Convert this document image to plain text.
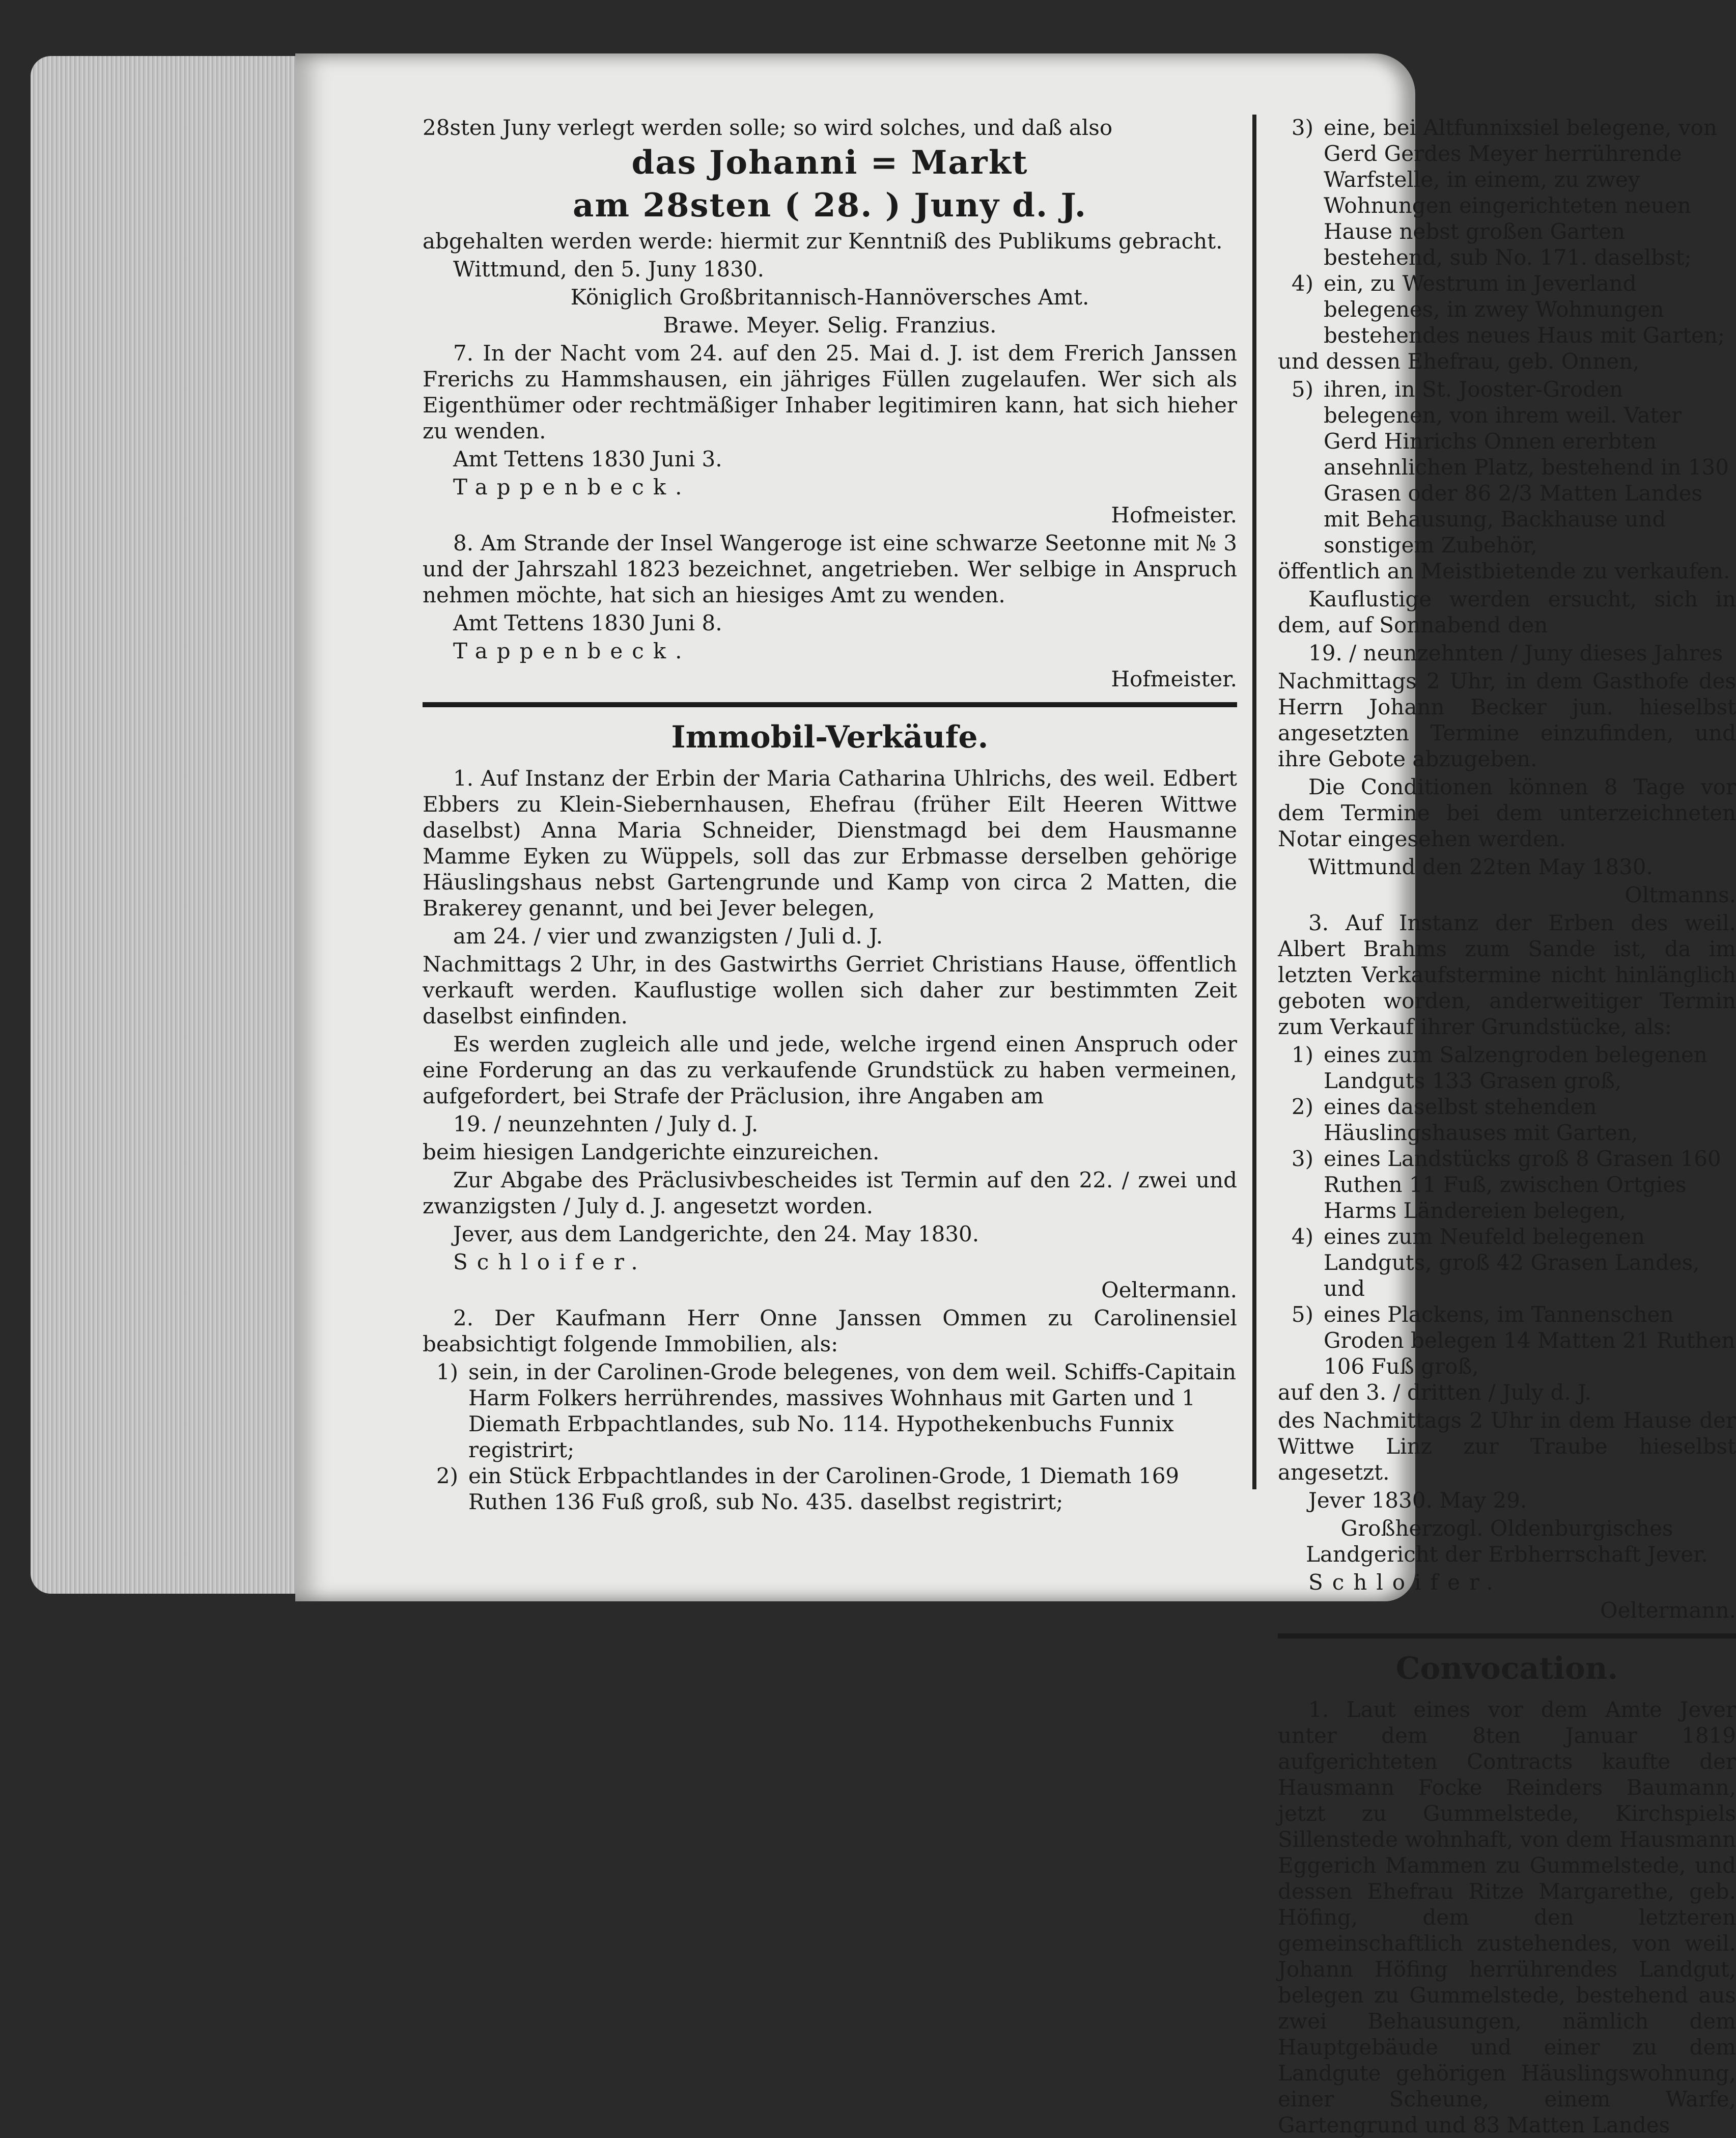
28sten Juny verlegt werden solle; so wird solches, und daß also

das Johanni = Markt

am 28sten ( 28. ) Juny d. J.

abgehalten werden werde: hiermit zur Kenntniß des Publikums gebracht.

Wittmund, den 5. Juny 1830.

Königlich Großbritannisch-Hannöversches Amt.

Brawe. Meyer. Selig. Franzius.

7. In der Nacht vom 24. auf den 25. Mai d. J. ist dem Frerich Janssen Frerichs zu Hammshausen, ein jähriges Füllen zugelaufen. Wer sich als Eigenthümer oder rechtmäßiger Inhaber legitimiren kann, hat sich hieher zu wenden.

Amt Tettens 1830 Juni 3.

Tappenbeck.

Hofmeister.

8. Am Strande der Insel Wangeroge ist eine schwarze Seetonne mit № 3 und der Jahrszahl 1823 bezeichnet, angetrieben. Wer selbige in Anspruch nehmen möchte, hat sich an hiesiges Amt zu wenden.

Amt Tettens 1830 Juni 8.

Tappenbeck.

Hofmeister.

Immobil-Verkäufe.

1. Auf Instanz der Erbin der Maria Catharina Uhlrichs, des weil. Edbert Ebbers zu Klein-Siebernhausen, Ehefrau (früher Eilt Heeren Wittwe daselbst) Anna Maria Schneider, Dienstmagd bei dem Hausmanne Mamme Eyken zu Wüppels, soll das zur Erbmasse derselben gehörige Häuslingshaus nebst Gartengrunde und Kamp von circa 2 Matten, die Brakerey genannt, und bei Jever belegen,

am 24. / vier und zwanzigsten / Juli d. J.

Nachmittags 2 Uhr, in des Gastwirths Gerriet Christians Hause, öffentlich verkauft werden. Kauflustige wollen sich daher zur bestimmten Zeit daselbst einfinden.

Es werden zugleich alle und jede, welche irgend einen Anspruch oder eine Forderung an das zu verkaufende Grundstück zu haben vermeinen, aufgefordert, bei Strafe der Präclusion, ihre Angaben am

19. / neunzehnten / July d. J.

beim hiesigen Landgerichte einzureichen.

Zur Abgabe des Präclusivbescheides ist Termin auf den 22. / zwei und zwanzigsten / July d. J. angesetzt worden.

Jever, aus dem Landgerichte, den 24. May 1830.

Schloifer.

Oeltermann.

2. Der Kaufmann Herr Onne Janssen Ommen zu Carolinensiel beabsichtigt folgende Immobilien, als:

1) sein, in der Carolinen-Grode belegenes, von dem weil. Schiffs-Capitain Harm Folkers herrührendes, massives Wohnhaus mit Garten und 1 Diemath Erbpachtlandes, sub No. 114. Hypothekenbuchs Funnix registrirt;
2) ein Stück Erbpachtlandes in der Carolinen-Grode, 1 Diemath 169 Ruthen 136 Fuß groß, sub No. 435. daselbst registrirt;
3) eine, bei Altfunnixsiel belegene, von Gerd Gerdes Meyer herrührende Warfstelle, in einem, zu zwey Wohnungen eingerichteten neuen Hause nebst großen Garten bestehend, sub No. 171. daselbst;
4) ein, zu Westrum in Jeverland belegenes, in zwey Wohnungen bestehendes neues Haus mit Garten;

und dessen Ehefrau, geb. Onnen,

5) ihren, in St. Jooster-Groden belegenen, von ihrem weil. Vater Gerd Hinrichs Onnen ererbten ansehnlichen Platz, bestehend in 130 Grasen oder 86 2/3 Matten Landes mit Behausung, Backhause und sonstigem Zubehör,

öffentlich an Meistbietende zu verkaufen.

Kauflustige werden ersucht, sich in dem, auf Sonnabend den

19. / neunzehnten / Juny dieses Jahres

Nachmittags 2 Uhr, in dem Gasthofe des Herrn Johann Becker jun. hieselbst angesetzten Termine einzufinden, und ihre Gebote abzugeben.

Die Conditionen können 8 Tage vor dem Termine bei dem unterzeichneten Notar eingesehen werden.

Wittmund den 22ten May 1830.

Oltmanns.

3. Auf Instanz der Erben des weil. Albert Brahms zum Sande ist, da im letzten Verkaufstermine nicht hinlänglich geboten worden, anderweitiger Termin zum Verkauf ihrer Grundstücke, als:

1) eines zum Salzengroden belegenen Landguts 133 Grasen groß,
2) eines daselbst stehenden Häuslingshauses mit Garten,
3) eines Landstücks groß 8 Grasen 160 Ruthen 11 Fuß, zwischen Ortgies Harms Ländereien belegen,
4) eines zum Neufeld belegenen Landguts, groß 42 Grasen Landes, und
5) eines Plackens, im Tannenschen Groden belegen 14 Matten 21 Ruthen 106 Fuß groß,

auf den 3. / dritten / July d. J.

des Nachmittags 2 Uhr in dem Hause der Wittwe Linz zur Traube hieselbst angesetzt.

Jever 1830. May 29.

Großherzogl. Oldenburgisches Landgericht der Erbherrschaft Jever.

Schloifer.

Oeltermann.

Convocation.

1. Laut eines vor dem Amte Jever unter dem 8ten Januar 1819 aufgerichteten Contracts kaufte der Hausmann Focke Reinders Baumann, jetzt zu Gummelstede, Kirchspiels Sillenstede wohnhaft, von dem Hausmann Eggerich Mammen zu Gummelstede, und dessen Ehefrau Ritze Margarethe, geb. Höfing, dem den letzteren gemeinschaftlich zustehendes, von weil. Johann Höfing herrührendes Landgut, belegen zu Gummelstede, bestehend aus zwei Behausungen, nämlich dem Hauptgebäude und einer zu dem Landgute gehörigen Häuslingswohnung, einer Scheune, einem Warfe, Gartengrund und 83 Matten Landes
